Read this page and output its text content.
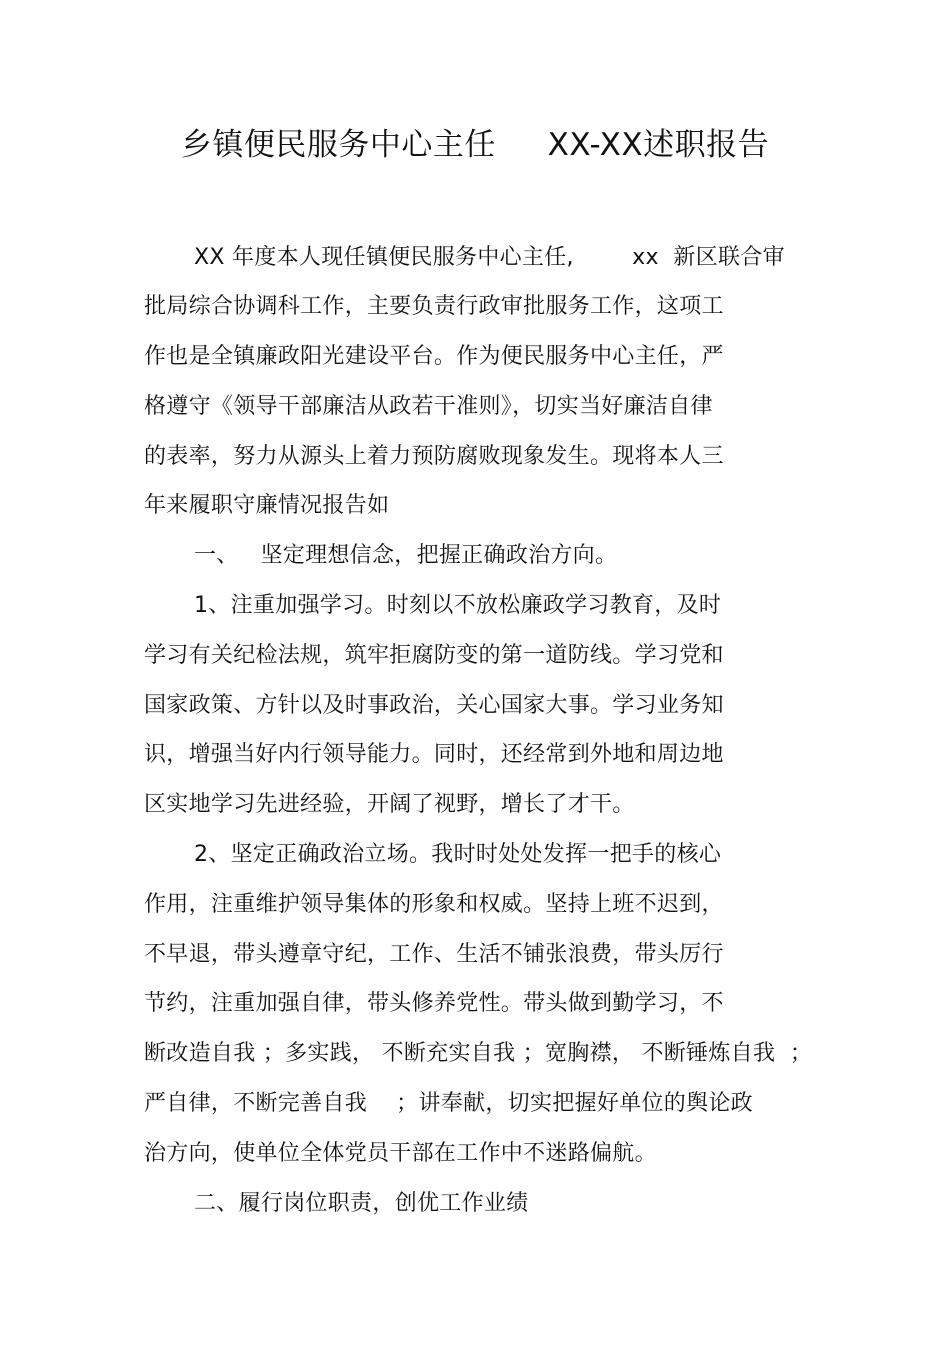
乡镇便民服务中心主任     XX-XX述职报告
XX 年度本人现任镇便民服务中心主任,        xx  新区联合审
批局综合协调科工作，主要负责行政审批服务工作，这项工
作也是全镇廉政阳光建设平台。作为便民服务中心主任，严
格遵守《领导干部廉洁从政若干准则》，切实当好廉洁自律
的表率，努力从源头上着力预防腐败现象发生。现将本人三
年来履职守廉情况报告如
一、   坚定理想信念，把握正确政治方向。
1、注重加强学习。时刻以不放松廉政学习教育，及时
学习有关纪检法规，筑牢拒腐防变的第一道防线。学习党和
国家政策、方针以及时事政治，关心国家大事。学习业务知
识，增强当好内行领导能力。同时，还经常到外地和周边地
区实地学习先进经验，开阔了视野，增长了才干。
2、坚定正确政治立场。我时时处处发挥一把手的核心
作用，注重维护领导集体的形象和权威。坚持上班不迟到，
不早退，带头遵章守纪，工作、生活不铺张浪费，带头厉行
节约，注重加强自律，带头修养党性。带头做到勤学习，不
断改造自我 ；多实践， 不断充实自我 ；宽胸襟， 不断锤炼自我  ；
严自律，不断完善自我    ；讲奉献，切实把握好单位的舆论政
治方向，使单位全体党员干部在工作中不迷路偏航。
二、履行岗位职责，创优工作业绩
